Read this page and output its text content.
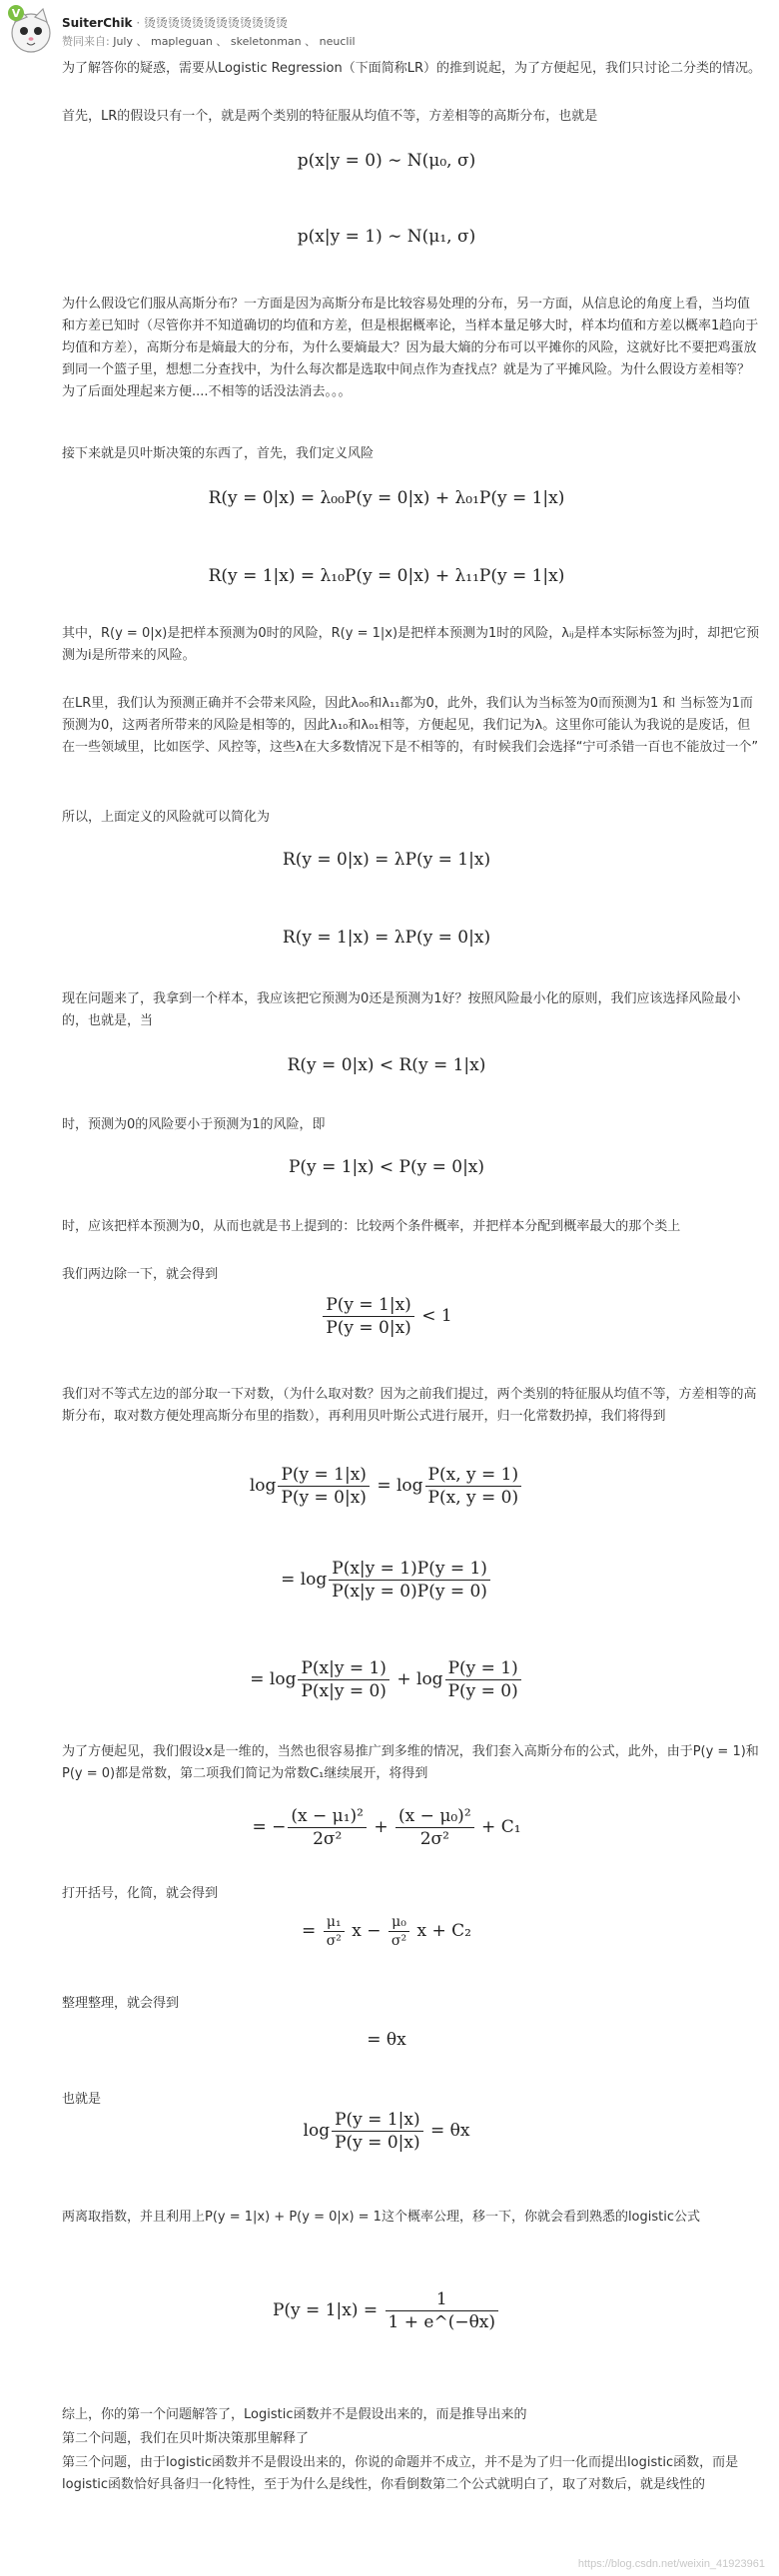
V
SuiterChik · 烫烫烫烫烫烫烫烫烫烫烫烫
赞同来自: July 、 mapleguan 、 skeletonman 、 neuclil
为了解答你的疑惑，需要从Logistic Regression（下面简称LR）的推到说起，为了方便起见，我们只讨论二分类的情况。
首先，LR的假设只有一个，就是两个类别的特征服从均值不等，方差相等的高斯分布，也就是
p(x|y = 0) ∼ N(μ₀, σ)
p(x|y = 1) ∼ N(μ₁, σ)
为什么假设它们服从高斯分布？一方面是因为高斯分布是比较容易处理的分布，另一方面，从信息论的角度上看，当均值和方差已知时（尽管你并不知道确切的均值和方差，但是根据概率论，当样本量足够大时，样本均值和方差以概率1趋向于均值和方差），高斯分布是熵最大的分布，为什么要熵最大？因为最大熵的分布可以平摊你的风险，这就好比不要把鸡蛋放到同一个篮子里，想想二分查找中，为什么每次都是选取中间点作为查找点？就是为了平摊风险。为什么假设方差相等？为了后面处理起来方便....不相等的话没法消去。。。
接下来就是贝叶斯决策的东西了，首先，我们定义风险
R(y = 0|x) = λ₀₀P(y = 0|x) + λ₀₁P(y = 1|x)
R(y = 1|x) = λ₁₀P(y = 0|x) + λ₁₁P(y = 1|x)
其中，R(y = 0|x)是把样本预测为0时的风险，R(y = 1|x)是把样本预测为1时的风险，λᵢⱼ是样本实际标签为j时，却把它预测为i是所带来的风险。
在LR里，我们认为预测正确并不会带来风险，因此λ₀₀和λ₁₁都为0，此外，我们认为当标签为0而预测为1 和 当标签为1而预测为0，这两者所带来的风险是相等的，因此λ₁₀和λ₀₁相等，方便起见，我们记为λ。这里你可能认为我说的是废话，但在一些领域里，比如医学、风控等，这些λ在大多数情况下是不相等的，有时候我们会选择“宁可杀错一百也不能放过一个”
所以，上面定义的风险就可以简化为
R(y = 0|x) = λP(y = 1|x)
R(y = 1|x) = λP(y = 0|x)
现在问题来了，我拿到一个样本，我应该把它预测为0还是预测为1好？按照风险最小化的原则，我们应该选择风险最小的，也就是，当
R(y = 0|x) < R(y = 1|x)
时，预测为0的风险要小于预测为1的风险，即
P(y = 1|x) < P(y = 0|x)
时，应该把样本预测为0，从而也就是书上提到的：比较两个条件概率，并把样本分配到概率最大的那个类上
我们两边除一下，就会得到
$\frac{P(y = 1|x)}{P(y = 0|x)} < 1$
我们对不等式左边的部分取一下对数，（为什么取对数？因为之前我们提过，两个类别的特征服从均值不等，方差相等的高斯分布，取对数方便处理高斯分布里的指数），再利用贝叶斯公式进行展开，归一化常数扔掉，我们将得到
$\log \frac{P(y = 1|x)}{P(y = 0|x)} = \log \frac{P(x, y = 1)}{P(x, y = 0)}$
= $\log \frac{P(x|y = 1)P(y = 1)}{P(x|y = 0)P(y = 0)}$
= $\log \frac{P(x|y = 1)}{P(x|y = 0)} + \log \frac{P(y = 1)}{P(y = 0)}$
为了方便起见，我们假设x是一维的，当然也很容易推广到多维的情况，我们套入高斯分布的公式，此外，由于P(y = 1)和P(y = 0)都是常数，第二项我们简记为常数C₁继续展开，将得到
= − $\frac{\text{(x − μ₁)²}}{\text{2σ²}} + \frac{\text{(x − μ₀)²}}{\text{2σ²}} + C_1$
打开括号，化简，就会得到
= $\frac{\text{μ₁}}{\text{σ²}}$ $x - \frac{\text{μ₀}}{\text{σ²}}$ x + C₂
整理整理，就会得到
= θx
也就是
$\log \frac{P(y = 1|x)}{P(y = 0|x)} = \theta x$
两离取指数，并且利用上P(y = 1|x) + P(y = 0|x) = 1这个概率公理，移一下，你就会看到熟悉的logistic公式
$P(y = 1|x) = \frac{1}{1 + e\^{}(-\theta x)}$
综上，你的第一个问题解答了，Logistic函数并不是假设出来的，而是推导出来的
第二个问题，我们在贝叶斯决策那里解释了
第三个问题，由于logistic函数并不是假设出来的，你说的命题并不成立，并不是为了归一化而提出logistic函数，而是logistic函数恰好具备归一化特性，至于为什么是线性，你看倒数第二个公式就明白了，取了对数后，就是线性的
https://blog.csdn.net/weixin_41923961
